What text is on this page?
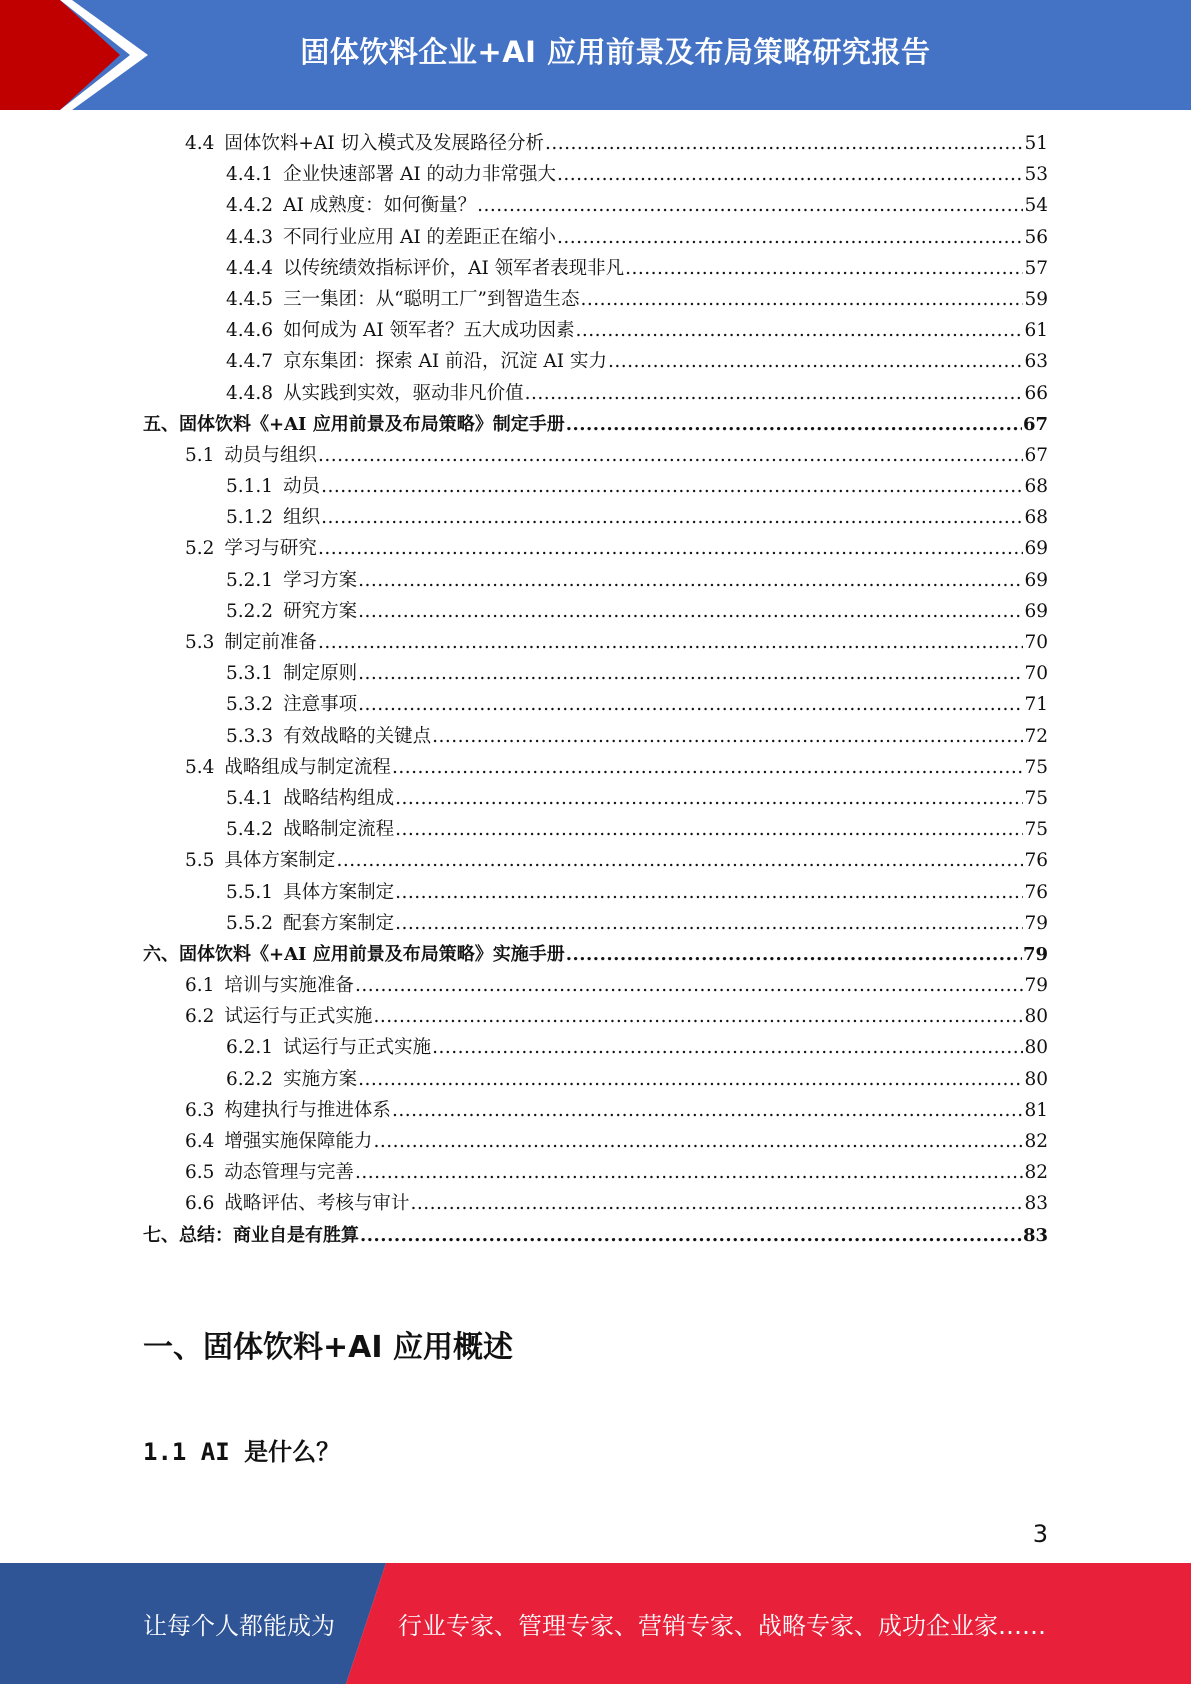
固体饮料企业+AI 应用前景及布局策略研究报告
4.4 固体饮料+AI 切入模式及发展路径分析 .....	51
4.4.1 企业快速部署 AI 的动力非常强大 .....	53
4.4.2 AI 成熟度：如何衡量？ .....	54
4.4.3 不同行业应用 AI 的差距正在缩小 .....	56
4.4.4 以传统绩效指标评价，AI 领军者表现非凡 .....	57
4.4.5 三一集团：从“聪明工厂”到智造生态 .....	59
4.4.6 如何成为 AI 领军者？五大成功因素 .....	61
4.4.7 京东集团：探索 AI 前沿，沉淀 AI 实力 .....	63
4.4.8 从实践到实效，驱动非凡价值 .....	66
五、固体饮料《+AI 应用前景及布局策略》制定手册 .....	67
5.1 动员与组织 .....	67
5.1.1 动员 .....	68
5.1.2 组织 .....	68
5.2 学习与研究 .....	69
5.2.1 学习方案 .....	69
5.2.2 研究方案 .....	69
5.3 制定前准备 .....	70
5.3.1 制定原则 .....	70
5.3.2 注意事项 .....	71
5.3.3 有效战略的关键点 .....	72
5.4 战略组成与制定流程 .....	75
5.4.1 战略结构组成 .....	75
5.4.2 战略制定流程 .....	75
5.5 具体方案制定 .....	76
5.5.1 具体方案制定 .....	76
5.5.2 配套方案制定 .....	79
六、固体饮料《+AI 应用前景及布局策略》实施手册 .....	79
6.1 培训与实施准备 .....	79
6.2 试运行与正式实施 .....	80
6.2.1 试运行与正式实施 .....	80
6.2.2 实施方案 .....	80
6.3 构建执行与推进体系 .....	81
6.4 增强实施保障能力 .....	82
6.5 动态管理与完善 .....	82
6.6 战略评估、考核与审计 .....	83
七、总结：商业自是有胜算 .....	83
一、固体饮料+AI 应用概述
1.1 AI 是什么？
3
让每个人都能成为	行业专家、管理专家、营销专家、战略专家、成功企业家……
